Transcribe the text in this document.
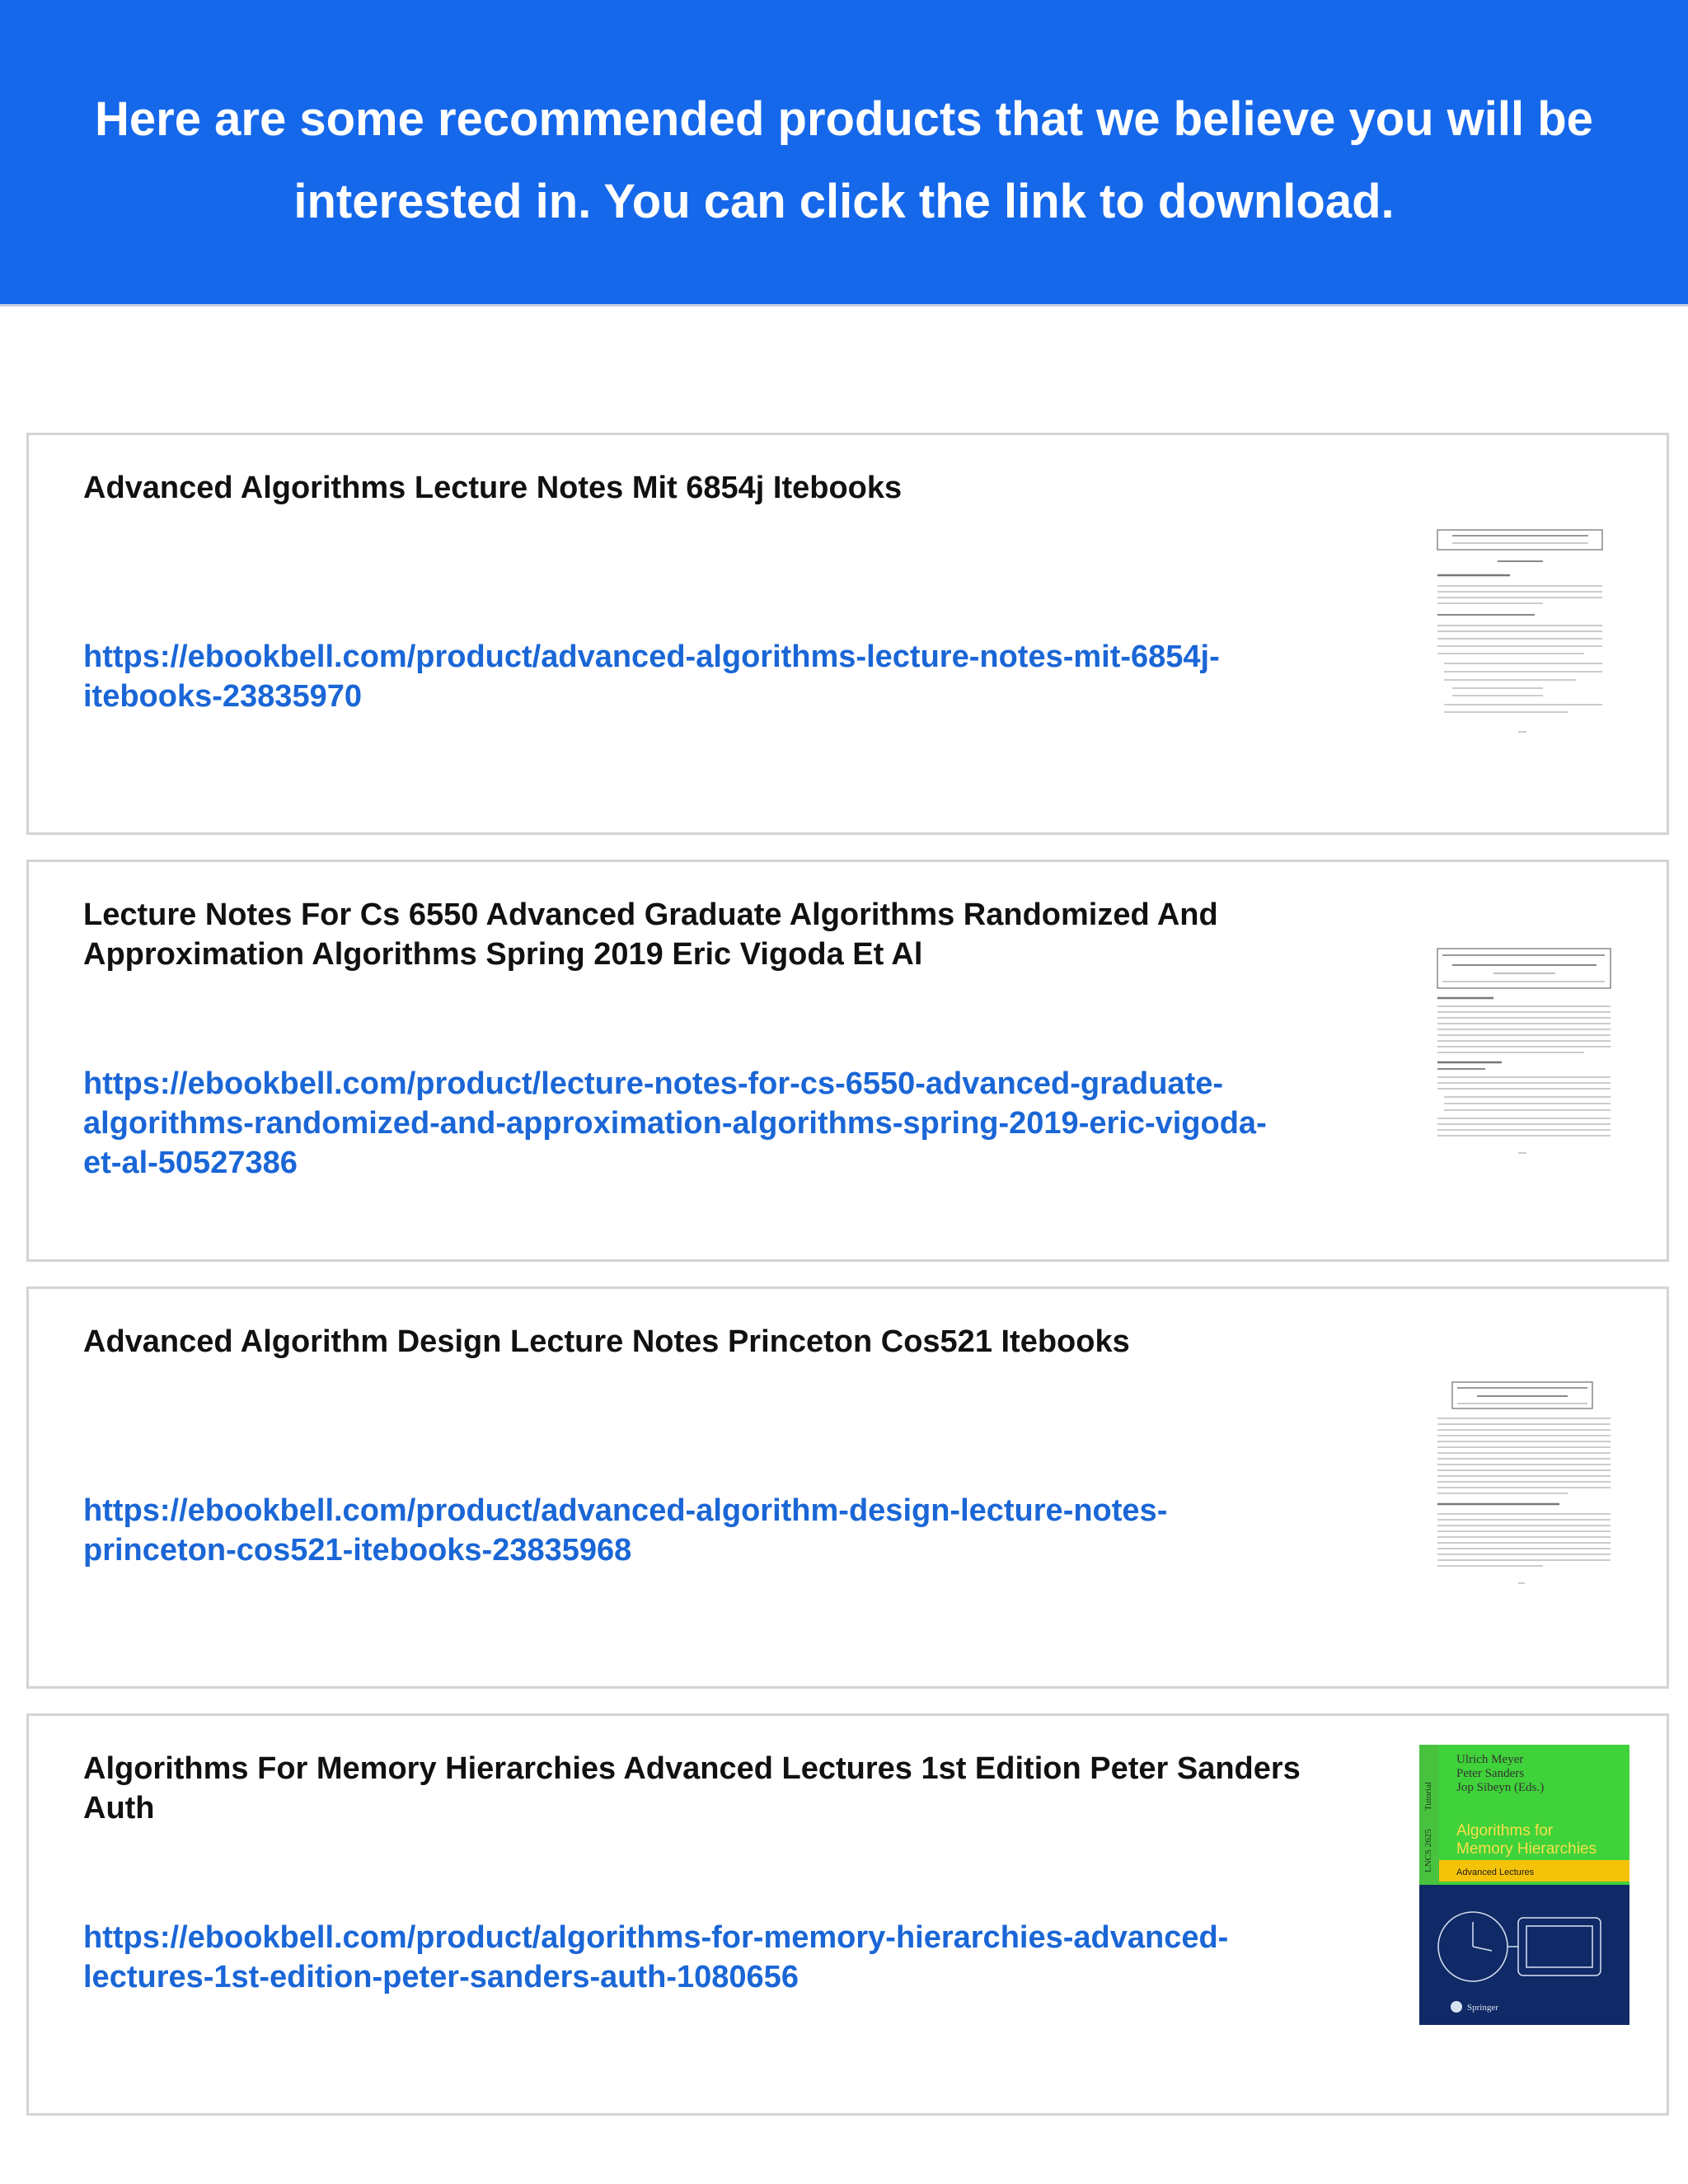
Here are some recommended products that we believe you will be interested in. You can click the link to download.

Advanced Algorithms Lecture Notes Mit 6854j Itebooks
https://ebookbell.com/product/advanced-algorithms-lecture-notes-mit-6854j-itebooks-23835970
Lecture Notes For Cs 6550 Advanced Graduate Algorithms Randomized And Approximation Algorithms Spring 2019 Eric Vigoda Et Al
https://ebookbell.com/product/lecture-notes-for-cs-6550-advanced-graduate-algorithms-randomized-and-approximation-algorithms-spring-2019-eric-vigoda-et-al-50527386
Advanced Algorithm Design Lecture Notes Princeton Cos521 Itebooks
https://ebookbell.com/product/advanced-algorithm-design-lecture-notes-princeton-cos521-itebooks-23835968
Algorithms For Memory Hierarchies Advanced Lectures 1st Edition Peter Sanders Auth
https://ebookbell.com/product/algorithms-for-memory-hierarchies-advanced-lectures-1st-edition-peter-sanders-auth-1080656
Tutorial
LNCS 2625
Ulrich Meyer
Peter Sanders
Jop Sibeyn (Eds.)
Algorithms for
Memory Hierarchies
Advanced Lectures
Springer
